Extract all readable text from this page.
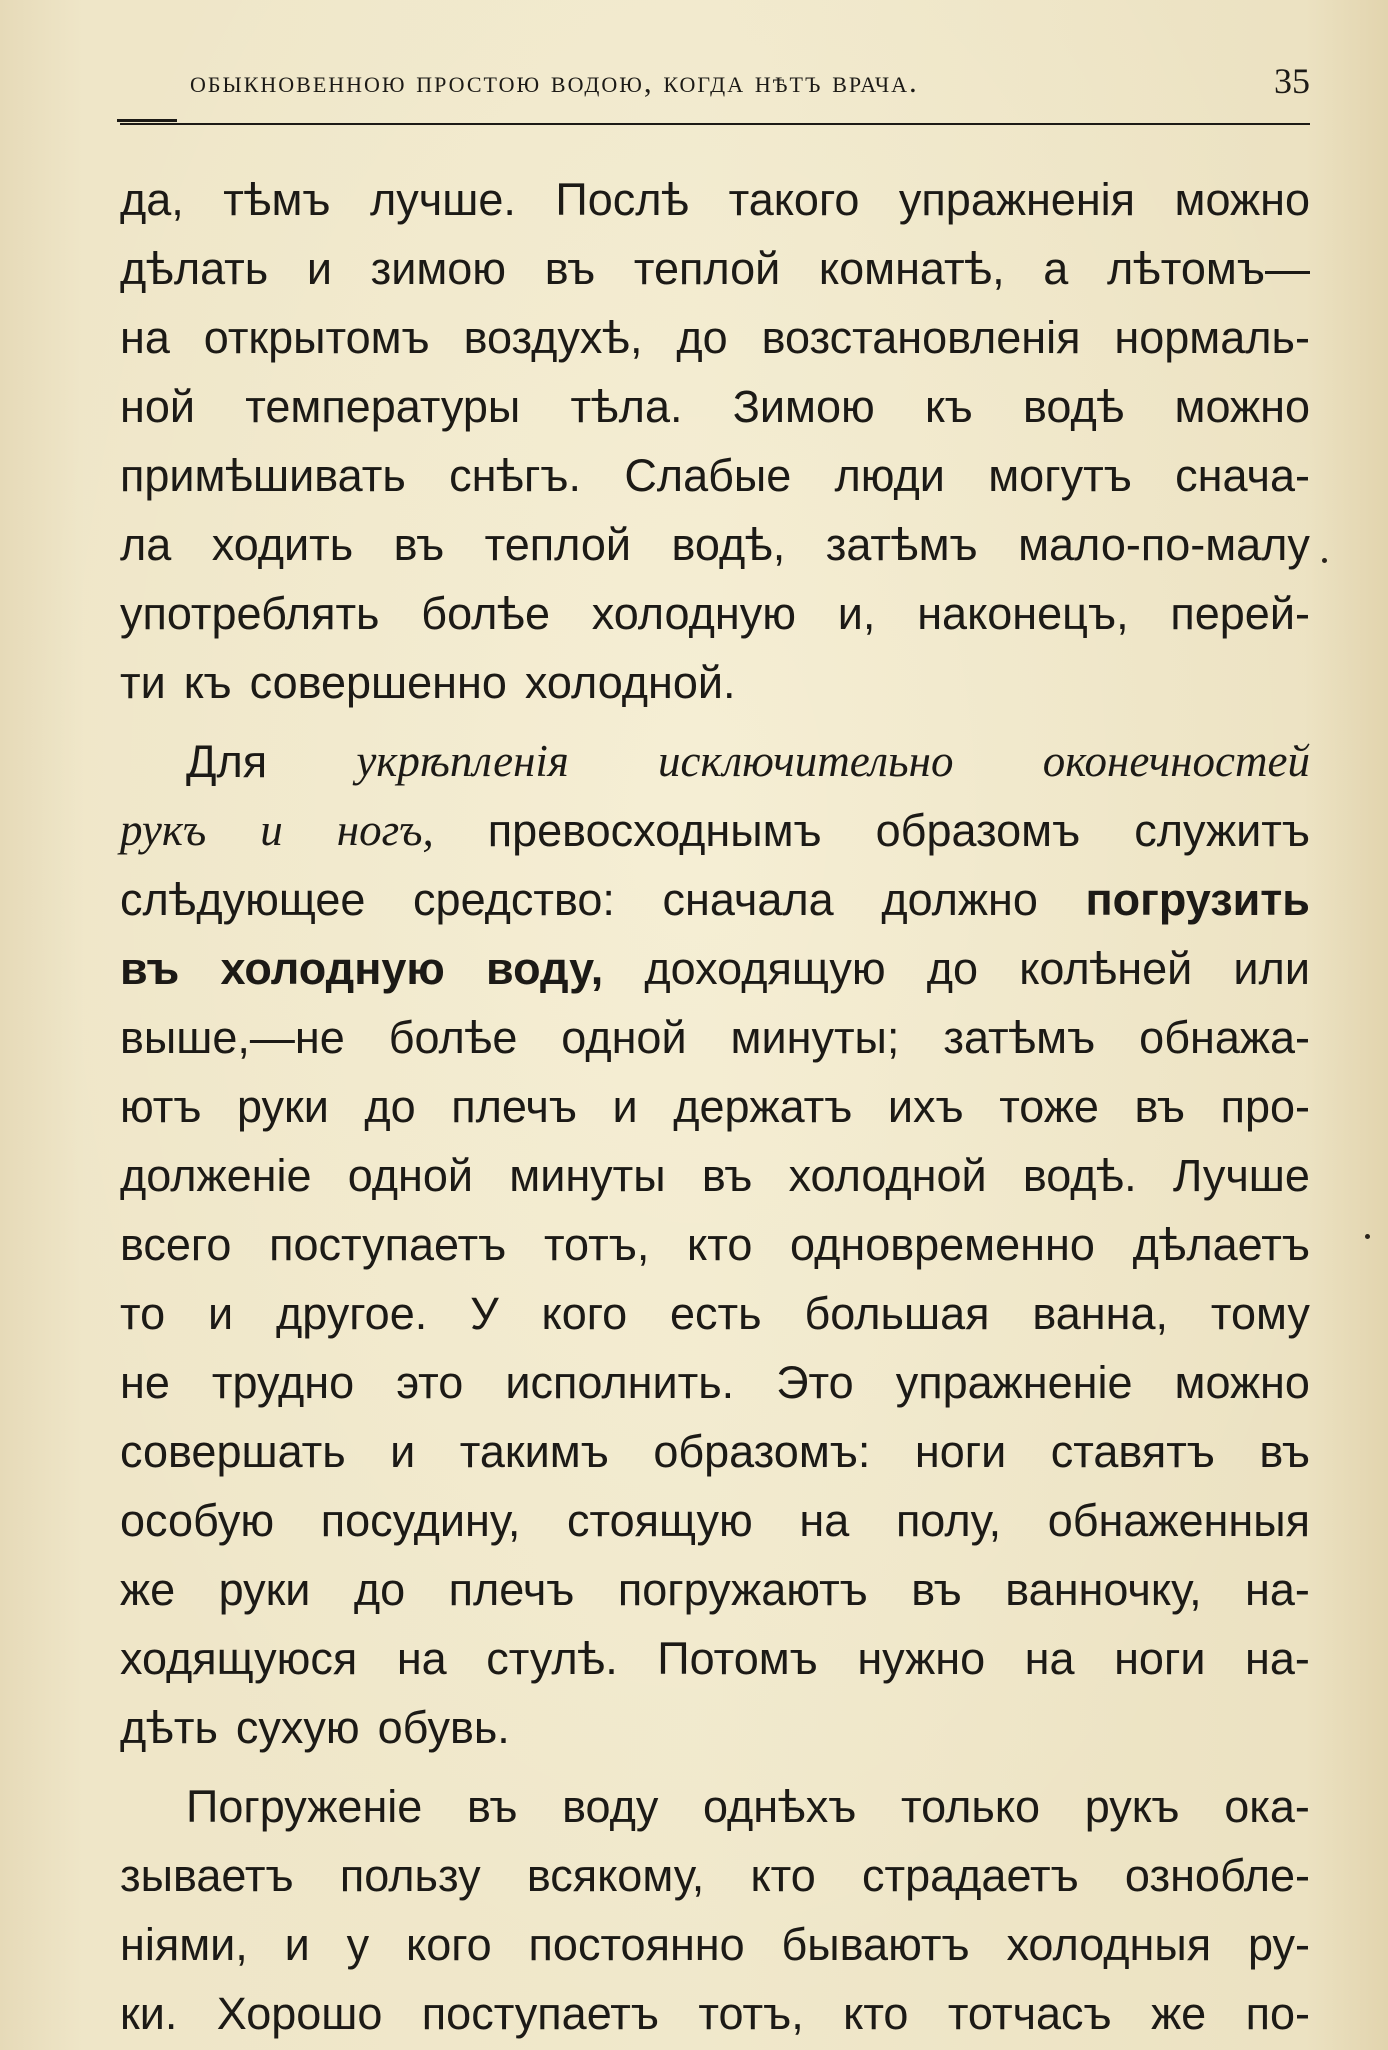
обыкновенною простою водою, когда нѣтъ врача.	35
да, тѣмъ лучше. Послѣ такого упражненія можно
дѣлать и зимою въ теплой комнатѣ, а лѣтомъ—
на открытомъ воздухѣ, до возстановленія нормаль-
ной температуры тѣла. Зимою къ водѣ можно
примѣшивать снѣгъ. Слабые люди могутъ снача-
ла ходить въ теплой водѣ, затѣмъ мало-по-малу
употреблять болѣе холодную и, наконецъ, перей-
ти къ совершенно холодной.
Для укрѣпленія исключительно оконечностей
рукъ и ногъ, превосходнымъ образомъ служитъ
слѣдующее средство: сначала должно погрузить
въ холодную воду, доходящую до колѣней или
выше,—не болѣе одной минуты; затѣмъ обнажа-
ютъ руки до плечъ и держатъ ихъ тоже въ про-
долженіе одной минуты въ холодной водѣ. Лучше
всего поступаетъ тотъ, кто одновременно дѣлаетъ
то и другое. У кого есть большая ванна, тому
не трудно это исполнить. Это упражненіе можно
совершать и такимъ образомъ: ноги ставятъ въ
особую посудину, стоящую на полу, обнаженныя
же руки до плечъ погружаютъ въ ванночку, на-
ходящуюся на стулѣ. Потомъ нужно на ноги на-
дѣть сухую обувь.
Погруженіе въ воду однѣхъ только рукъ ока-
зываетъ пользу всякому, кто страдаетъ ознобле-
ніями, и у кого постоянно бываютъ холодныя ру-
ки. Хорошо поступаетъ тотъ, кто тотчасъ же по-
